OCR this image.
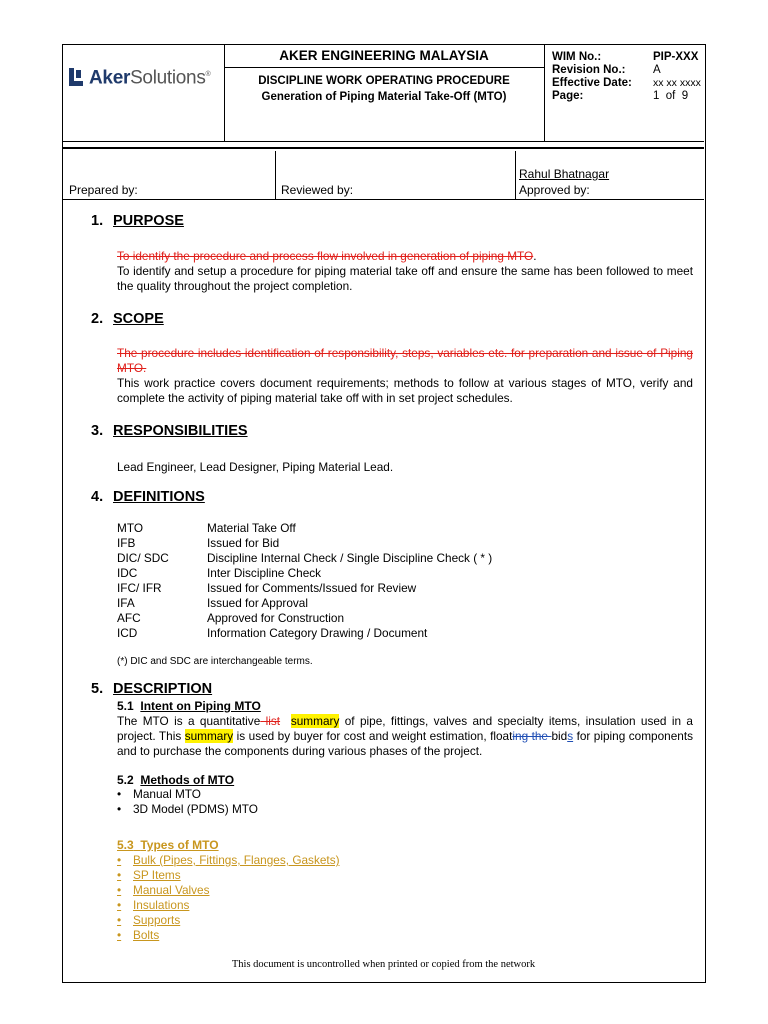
AkerSolutions®
AKER ENGINEERING MALAYSIA
DISCIPLINE WORK OPERATING PROCEDURE
Generation of Piping Material Take-Off (MTO)
WIM No.:	PIP-XXX
Revision No.:	A
Effective Date:	xx xx xxxx
Page:	1  of  9
Prepared by:	Reviewed by:
Rahul Bhatnagar
Approved by:
1. PURPOSE
To identify the procedure and process flow involved in generation of piping MTO.
To identify and setup a procedure for piping material take off and ensure the same has been followed to meet the quality throughout the project completion.
2. SCOPE
The procedure includes identification of responsibility, steps, variables etc. for preparation and issue of Piping MTO.
This work practice covers document requirements; methods to follow at various stages of MTO, verify and complete the activity of piping material take off with in set project schedules.
3. RESPONSIBILITIES
Lead Engineer, Lead Designer, Piping Material Lead.
4. DEFINITIONS
MTO	Material Take Off
IFB	Issued for Bid
DIC/ SDC	Discipline Internal Check / Single Discipline Check ( * )
IDC	Inter Discipline Check
IFC/ IFR	Issued for Comments/Issued for Review
IFA	Issued for Approval
AFC	Approved for Construction
ICD	Information Category Drawing / Document
(*) DIC and SDC are interchangeable terms.
5. DESCRIPTION
5.1 Intent on Piping MTO
The MTO is a quantitative list summary of pipe, fittings, valves and specialty items, insulation used in a project. This summary is used by buyer for cost and weight estimation, floating the bids for piping components and to purchase the components during various phases of the project.
5.2 Methods of MTO
• Manual MTO
• 3D Model (PDMS) MTO
5.3 Types of MTO
• Bulk (Pipes, Fittings, Flanges, Gaskets)
• SP Items
• Manual Valves
• Insulations
• Supports
• Bolts
This document is uncontrolled when printed or copied from the network
